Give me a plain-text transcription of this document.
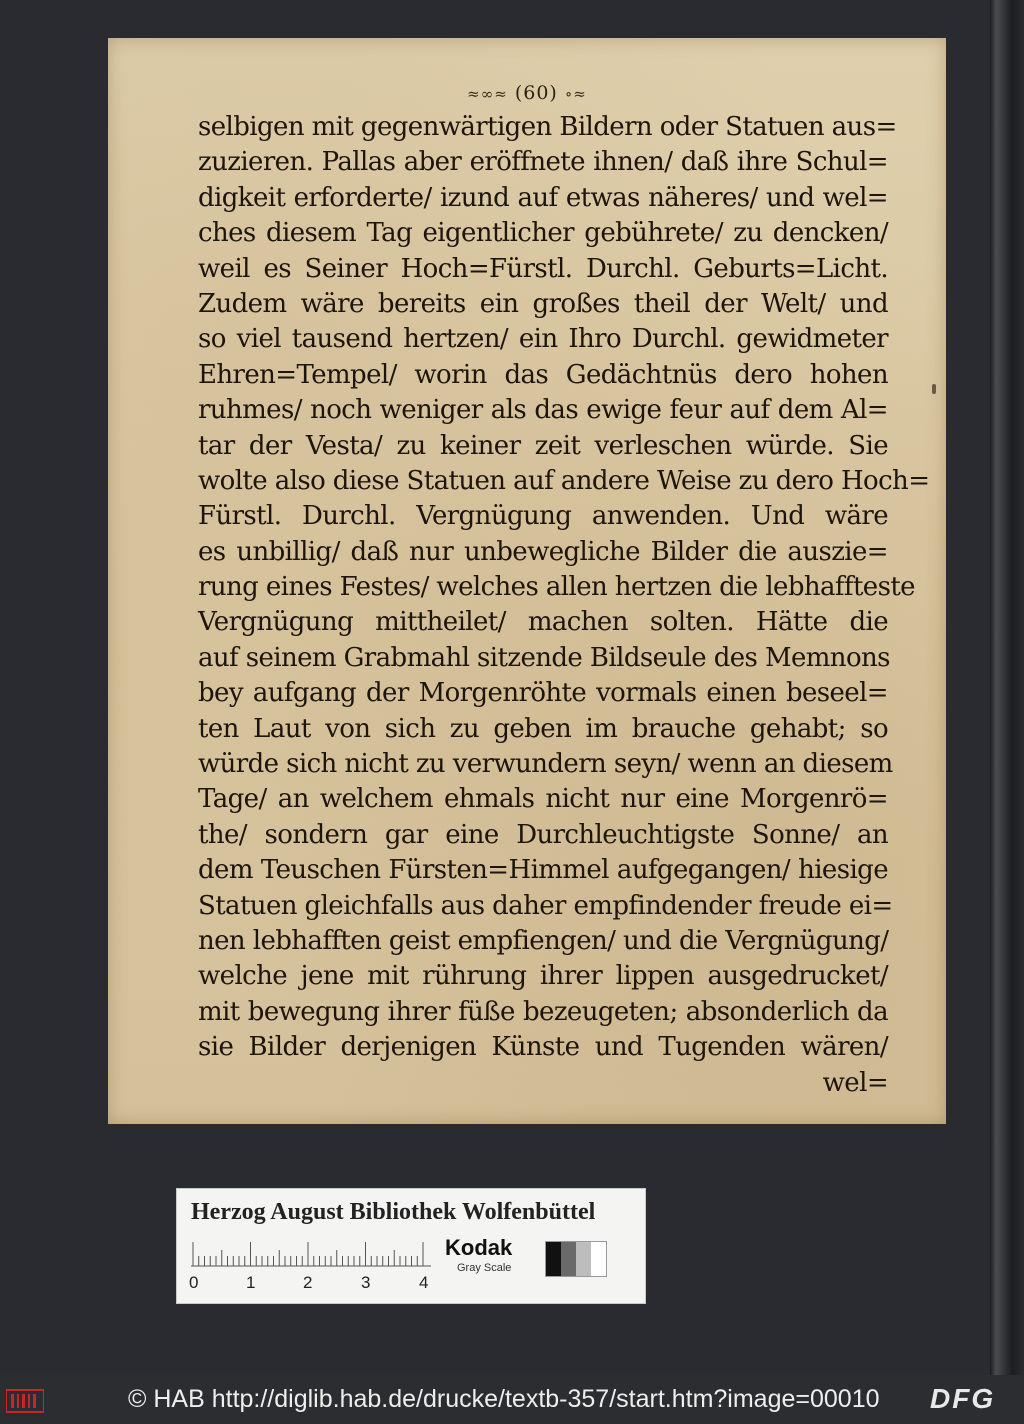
≈∞≈ (60) ∘≈
selbigen mit gegenwärtigen Bildern oder Statuen aus=
zuzieren. Pallas aber eröffnete ihnen/ daß ihre Schul=
digkeit erforderte/ izund auf etwas näheres/ und wel=
ches diesem Tag eigentlicher gebührete/ zu dencken/
weil es Seiner Hoch=Fürstl. Durchl. Geburts=Licht.
Zudem wäre bereits ein großes theil der Welt/ und
so viel tausend hertzen/ ein Ihro Durchl. gewidmeter
Ehren=Tempel/ worin das Gedächtnüs dero hohen
ruhmes/ noch weniger als das ewige feur auf dem Al=
tar der Vesta/ zu keiner zeit verleschen würde. Sie
wolte also diese Statuen auf andere Weise zu dero Hoch=
Fürstl. Durchl. Vergnügung anwenden. Und wäre
es unbillig/ daß nur unbewegliche Bilder die auszie=
rung eines Festes/ welches allen hertzen die lebhaffteste
Vergnügung mittheilet/ machen solten. Hätte die
auf seinem Grabmahl sitzende Bildseule des Memnons
bey aufgang der Morgenröhte vormals einen beseel=
ten Laut von sich zu geben im brauche gehabt; so
würde sich nicht zu verwundern seyn/ wenn an diesem
Tage/ an welchem ehmals nicht nur eine Morgenrö=
the/ sondern gar eine Durchleuchtigste Sonne/ an
dem Teuschen Fürsten=Himmel aufgegangen/ hiesige
Statuen gleichfalls aus daher empfindender freude ei=
nen lebhafften geist empfiengen/ und die Vergnügung/
welche jene mit rührung ihrer lippen ausgedrucket/
mit bewegung ihrer füße bezeugeten; absonderlich da
sie Bilder derjenigen Künste und Tugenden wären/
wel=
Herzog August Bibliothek Wolfenbüttel
0	1	2	3	4
Kodak
Gray Scale
© HAB http://diglib.hab.de/drucke/textb-357/start.htm?image=00010 DFG
